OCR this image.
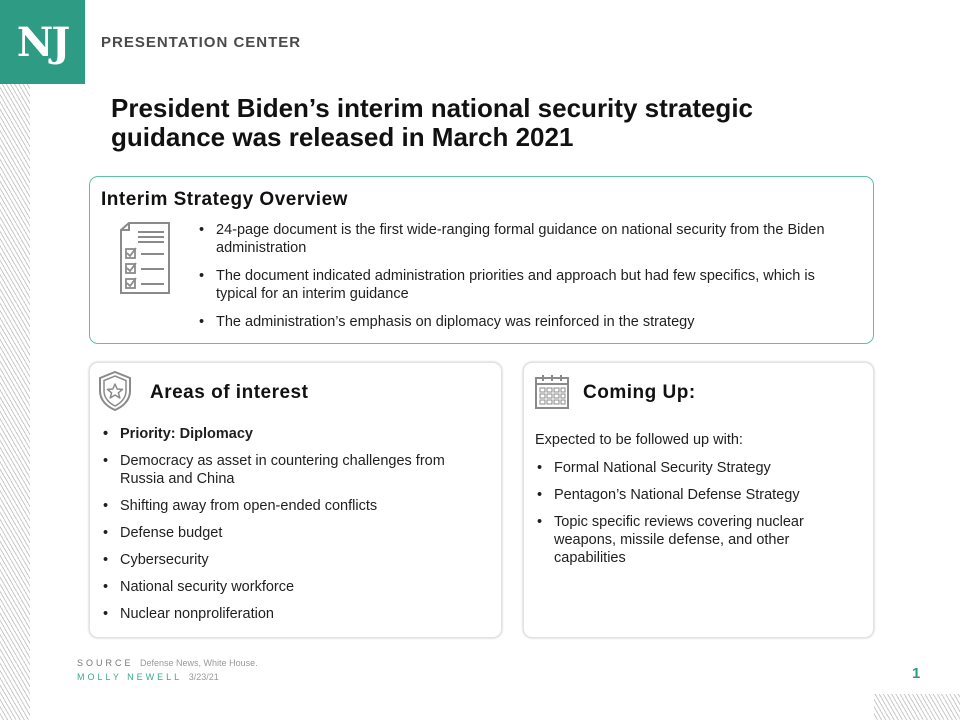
NJ	PRESENTATION CENTER
President Biden’s interim national security strategic guidance was released in March 2021
Interim Strategy Overview
• 24-page document is the first wide-ranging formal guidance on national security from the Biden administration
• The document indicated administration priorities and approach but had few specifics, which is typical for an interim guidance
• The administration’s emphasis on diplomacy was reinforced in the strategy
Areas of interest
• Priority: Diplomacy
• Democracy as asset in countering challenges from Russia and China
• Shifting away from open-ended conflicts
• Defense budget
• Cybersecurity
• National security workforce
• Nuclear nonproliferation
Coming Up:

Expected to be followed up with:

• Formal National Security Strategy
• Pentagon’s National Defense Strategy
• Topic specific reviews covering nuclear weapons, missile defense, and other capabilities
SOURCE Defense News, White House.
MOLLY NEWELL 3/23/21	1
